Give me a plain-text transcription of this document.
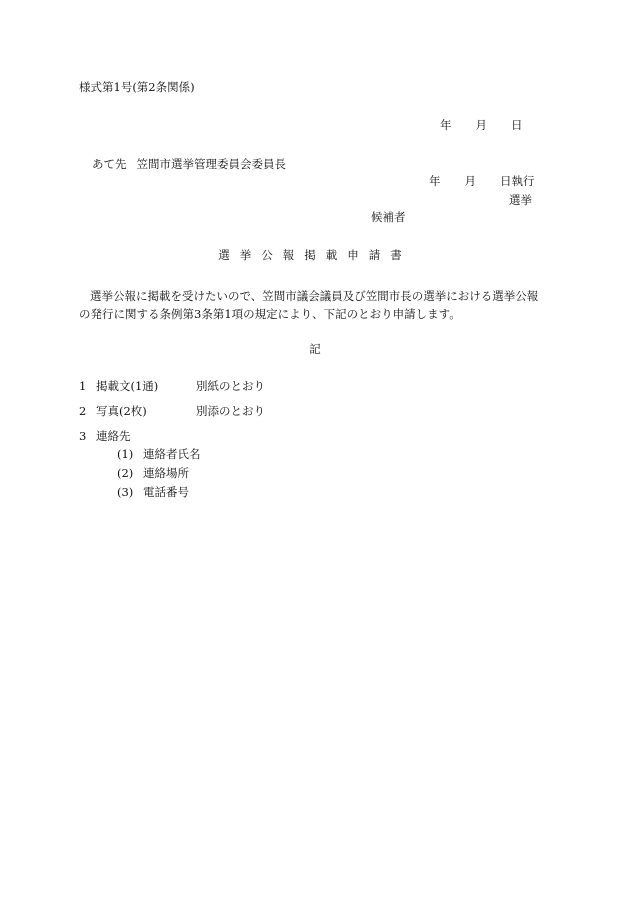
様式第1号(第2条関係)
年 月 日
あて先 笠間市選挙管理委員会委員長
年 月 日執行
選挙
候補者
選挙公報掲載申請書
選挙公報に掲載を受けたいので、笠間市議会議員及び笠間市長の選挙における選挙公報の発行に関する条例第3条第1項の規定により、下記のとおり申請します。
記
1 掲載文(1通)	別紙のとおり
2 写真(2枚)	別添のとおり
3 連絡先
(1) 連絡者氏名
(2) 連絡場所
(3) 電話番号
